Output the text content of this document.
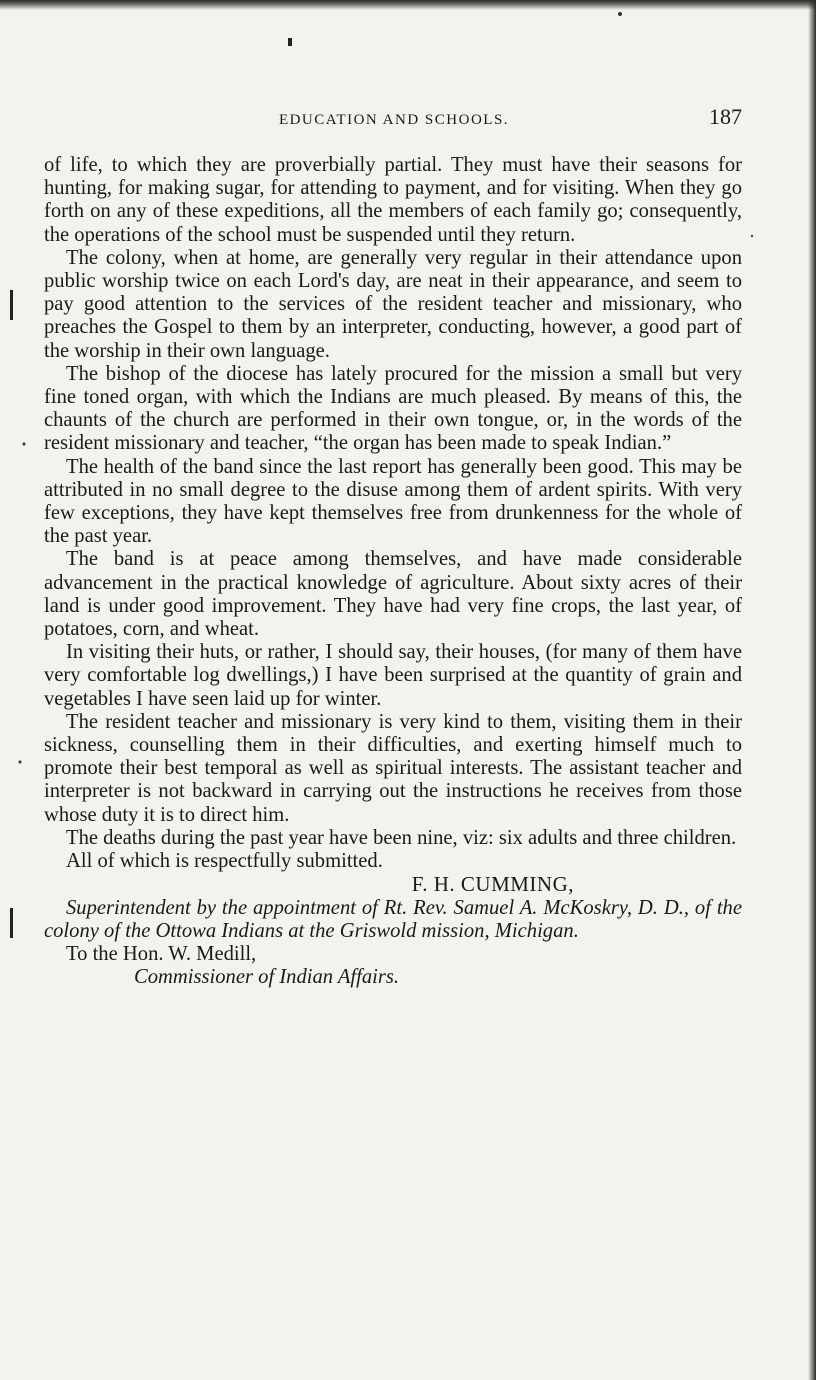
EDUCATION AND SCHOOLS.	187

of life, to which they are proverbially partial. They must have their seasons for hunting, for making sugar, for attending to payment, and for visiting. When they go forth on any of these expeditions, all the members of each family go; consequently, the operations of the school must be suspended until they return.

The colony, when at home, are generally very regular in their attendance upon public worship twice on each Lord's day, are neat in their appearance, and seem to pay good attention to the services of the resident teacher and missionary, who preaches the Gospel to them by an interpreter, conducting, however, a good part of the worship in their own language.

The bishop of the diocese has lately procured for the mission a small but very fine toned organ, with which the Indians are much pleased. By means of this, the chaunts of the church are performed in their own tongue, or, in the words of the resident missionary and teacher, “the organ has been made to speak Indian.”

The health of the band since the last report has generally been good. This may be attributed in no small degree to the disuse among them of ardent spirits. With very few exceptions, they have kept themselves free from drunkenness for the whole of the past year.

The band is at peace among themselves, and have made considerable advancement in the practical knowledge of agriculture. About sixty acres of their land is under good improvement. They have had very fine crops, the last year, of potatoes, corn, and wheat.

In visiting their huts, or rather, I should say, their houses, (for many of them have very comfortable log dwellings,) I have been surprised at the quantity of grain and vegetables I have seen laid up for winter.

The resident teacher and missionary is very kind to them, visiting them in their sickness, counselling them in their difficulties, and exerting himself much to promote their best temporal as well as spiritual interests. The assistant teacher and interpreter is not backward in carrying out the instructions he receives from those whose duty it is to direct him.

The deaths during the past year have been nine, viz: six adults and three children.

All of which is respectfully submitted.

F. H. CUMMING,

Superintendent by the appointment of Rt. Rev. Samuel A. McKoskry, D. D., of the colony of the Ottowa Indians at the Griswold mission, Michigan.

To the Hon. W. Medill,

Commissioner of Indian Affairs.
